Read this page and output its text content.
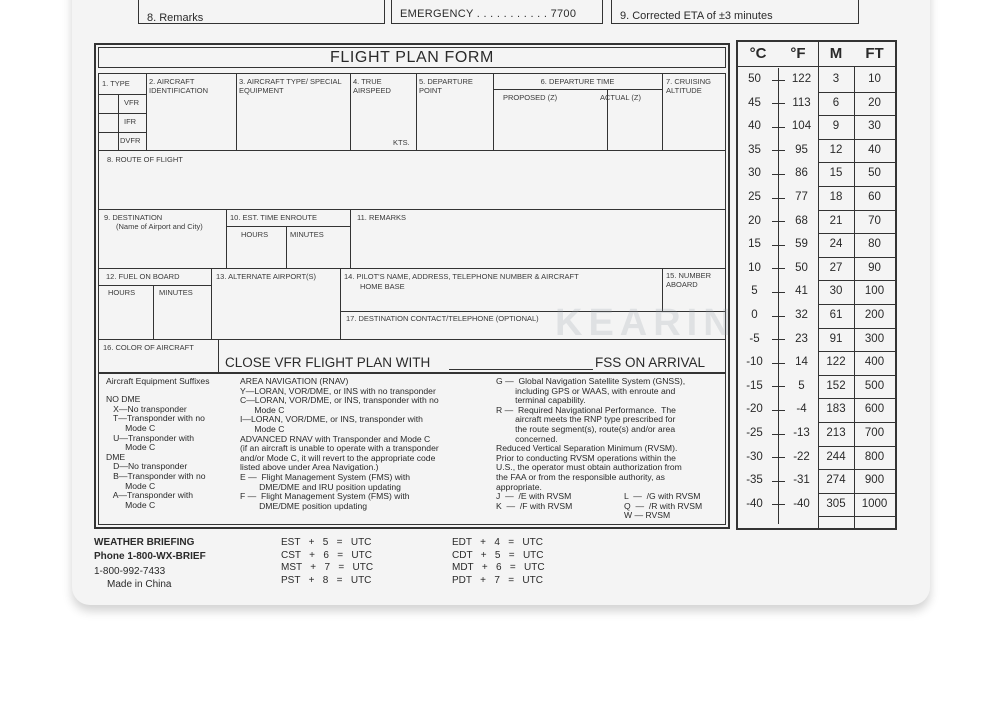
8. Remarks	EMERGENCY . . . . . . . . . . . 7700	9. Corrected ETA of ±3 minutes
FLIGHT PLAN FORM
1. TYPE
VFR
IFR
DVFR
2. AIRCRAFT IDENTIFICATION
3. AIRCRAFT TYPE/ SPECIAL EQUIPMENT
4. TRUE AIRSPEED
KTS.
5. DEPARTURE POINT
6. DEPARTURE TIME
PROPOSED (Z)	ACTUAL (Z)
7. CRUISING ALTITUDE
8. ROUTE OF FLIGHT
9. DESTINATION
(Name of Airport and City)
10. EST. TIME ENROUTE
HOURS	MINUTES
11. REMARKS
12. FUEL ON BOARD
HOURS	MINUTES
13. ALTERNATE AIRPORT(S)	14. PILOT'S NAME, ADDRESS, TELEPHONE NUMBER & AIRCRAFT
HOME BASE
15. NUMBER ABOARD
17. DESTINATION CONTACT/TELEPHONE (OPTIONAL)
16. COLOR OF AIRCRAFT
CLOSE VFR FLIGHT PLAN WITH	FSS ON ARRIVAL
Aircraft Equipment Suffixes
NO DME
X—No transponder
T—Transponder with no
Mode C
U—Transponder with
Mode C
DME
D—No transponder
B—Transponder with no
Mode C
A—Transponder with
Mode C
AREA NAVIGATION (RNAV)
Y—LORAN, VOR/DME, or INS with no transponder
C—LORAN, VOR/DME, or INS, transponder with no
Mode C
I—LORAN, VOR/DME, or INS, transponder with
Mode C
ADVANCED RNAV with Transponder and Mode C
(if an aircraft is unable to operate with a transponder
and/or Mode C, it will revert to the appropriate code
listed above under Area Navigation.)
E —  Flight Management System (FMS) with
DME/DME and IRU position updating
F —  Flight Management System (FMS) with
DME/DME position updating
G —  Global Navigation Satellite System (GNSS),
including GPS or WAAS, with enroute and
terminal capability.
R —  Required Navigational Performance.  The
aircraft meets the RNP type prescribed for
the route segment(s), route(s) and/or area
concerned.
Reduced Vertical Separation Minimum (RVSM).
Prior to conducting RVSM operations within the
U.S., the operator must obtain authorization from
the FAA or from the responsible authority, as
appropriate.
J  —  /E with RVSM	L  —  /G with RVSM
K  —  /F with RVSM	Q  —  /R with RVSM
W — RVSM
WEATHER BRIEFING
Phone 1-800-WX-BRIEF
1-800-992-7433
Made in China
EST   +   5   =   UTC
CST   +   6   =   UTC
MST   +   7   =   UTC
PST   +   8   =   UTC
EDT   +   4   =   UTC
CDT   +   5   =   UTC
MDT   +   6   =   UTC
PDT   +   7   =   UTC
°C	°F	M	FT
50	122	3	10
45	113	6	20
40	104	9	30
35	95	12	40
30	86	15	50
25	77	18	60
20	68	21	70
15	59	24	80
10	50	27	90
5	41	30	100
0	32	61	200
-5	23	91	300
-10	14	122	400
-15	5	152	500
-20	-4	183	600
-25	-13	213	700
-30	-22	244	800
-35	-31	274	900
-40	-40	305	1000
KEARIN
